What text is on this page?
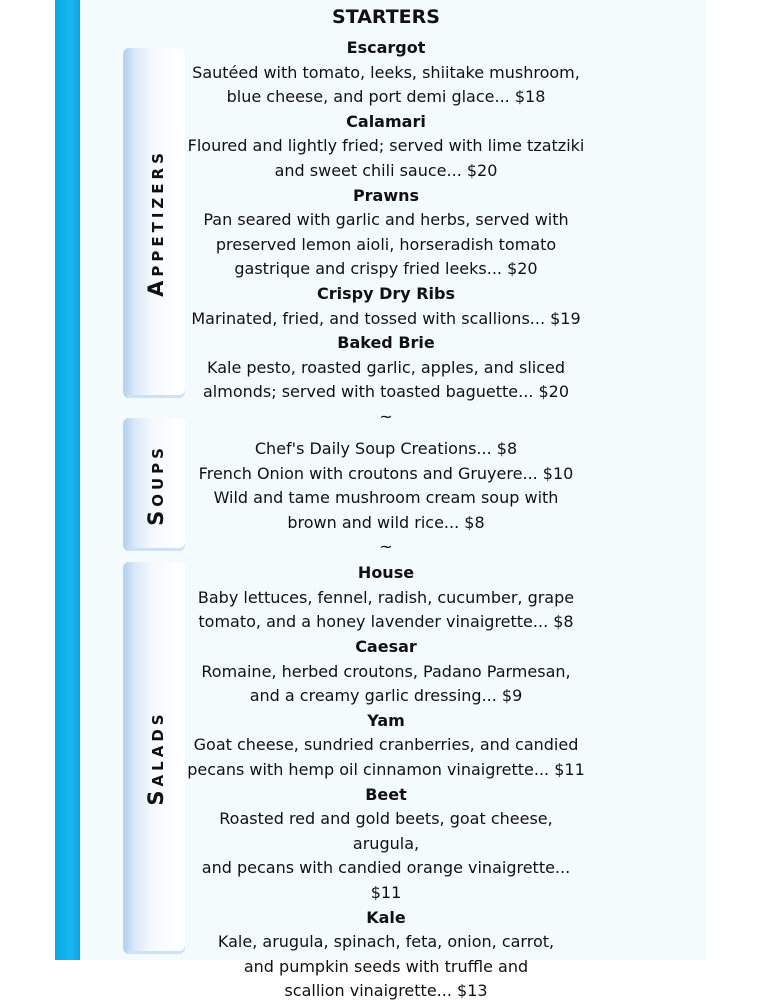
Appetizers
Soups
Salads
STARTERS
Escargot
Sautéed with tomato, leeks, shiitake mushroom,
blue cheese, and port demi glace... $18
Calamari
Floured and lightly fried; served with lime tzatziki
and sweet chili sauce... $20
Prawns
Pan seared with garlic and herbs, served with
preserved lemon aioli, horseradish tomato
gastrique and crispy fried leeks... $20
Crispy Dry Ribs
Marinated, fried, and tossed with scallions... $19
Baked Brie
Kale pesto, roasted garlic, apples, and sliced
almonds; served with toasted baguette... $20
~
Chef's Daily Soup Creations... $8
French Onion with croutons and Gruyere... $10
Wild and tame mushroom cream soup with
brown and wild rice... $8
~
House
Baby lettuces, fennel, radish, cucumber, grape
tomato, and a honey lavender vinaigrette... $8
Caesar
Romaine, herbed croutons, Padano Parmesan,
and a creamy garlic dressing... $9
Yam
Goat cheese, sundried cranberries, and candied
pecans with hemp oil cinnamon vinaigrette... $11
Beet
Roasted red and gold beets, goat cheese, arugula,
and pecans with candied orange vinaigrette... $11
Kale
Kale, arugula, spinach, feta, onion, carrot,
and pumpkin seeds with truffle and
scallion vinaigrette... $13
